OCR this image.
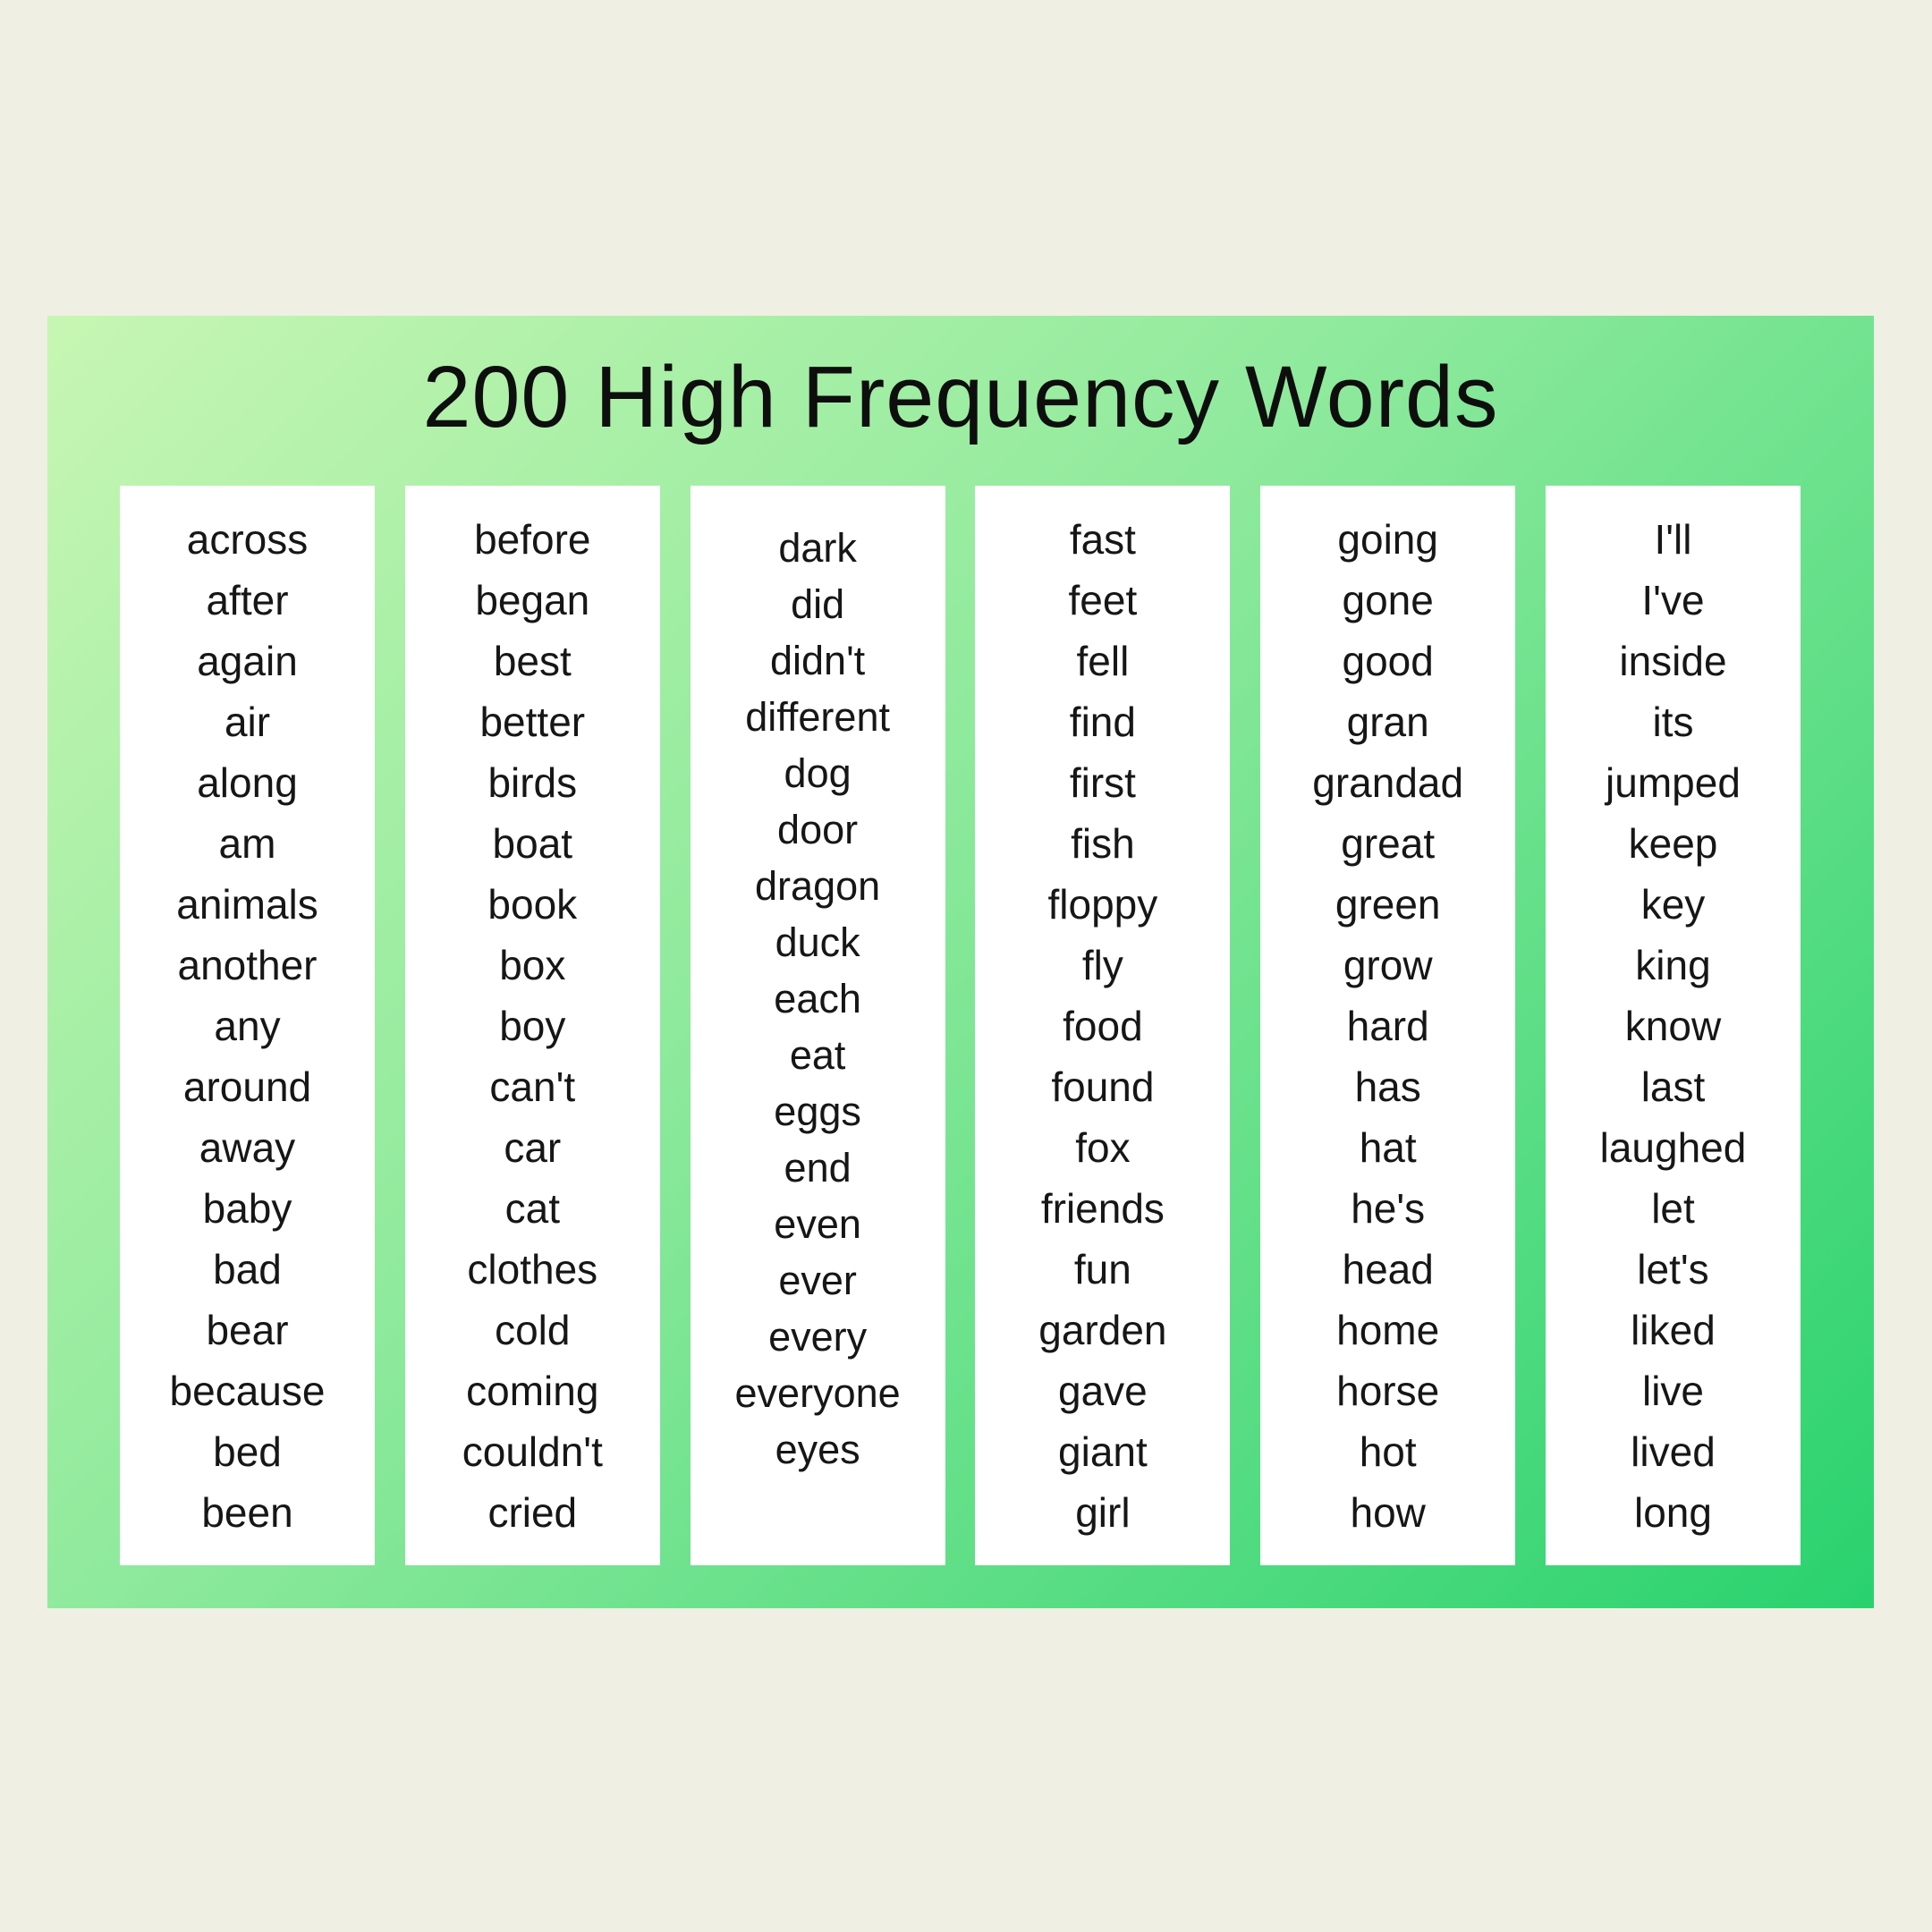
200 High Frequency Words
across
after
again
air
along
am
animals
another
any
around
away
baby
bad
bear
because
bed
been
before
began
best
better
birds
boat
book
box
boy
can't
car
cat
clothes
cold
coming
couldn't
cried
dark
did
didn't
different
dog
door
dragon
duck
each
eat
eggs
end
even
ever
every
everyone
eyes
fast
feet
fell
find
first
fish
floppy
fly
food
found
fox
friends
fun
garden
gave
giant
girl
going
gone
good
gran
grandad
great
green
grow
hard
has
hat
he's
head
home
horse
hot
how
I'll
I've
inside
its
jumped
keep
key
king
know
last
laughed
let
let's
liked
live
lived
long
